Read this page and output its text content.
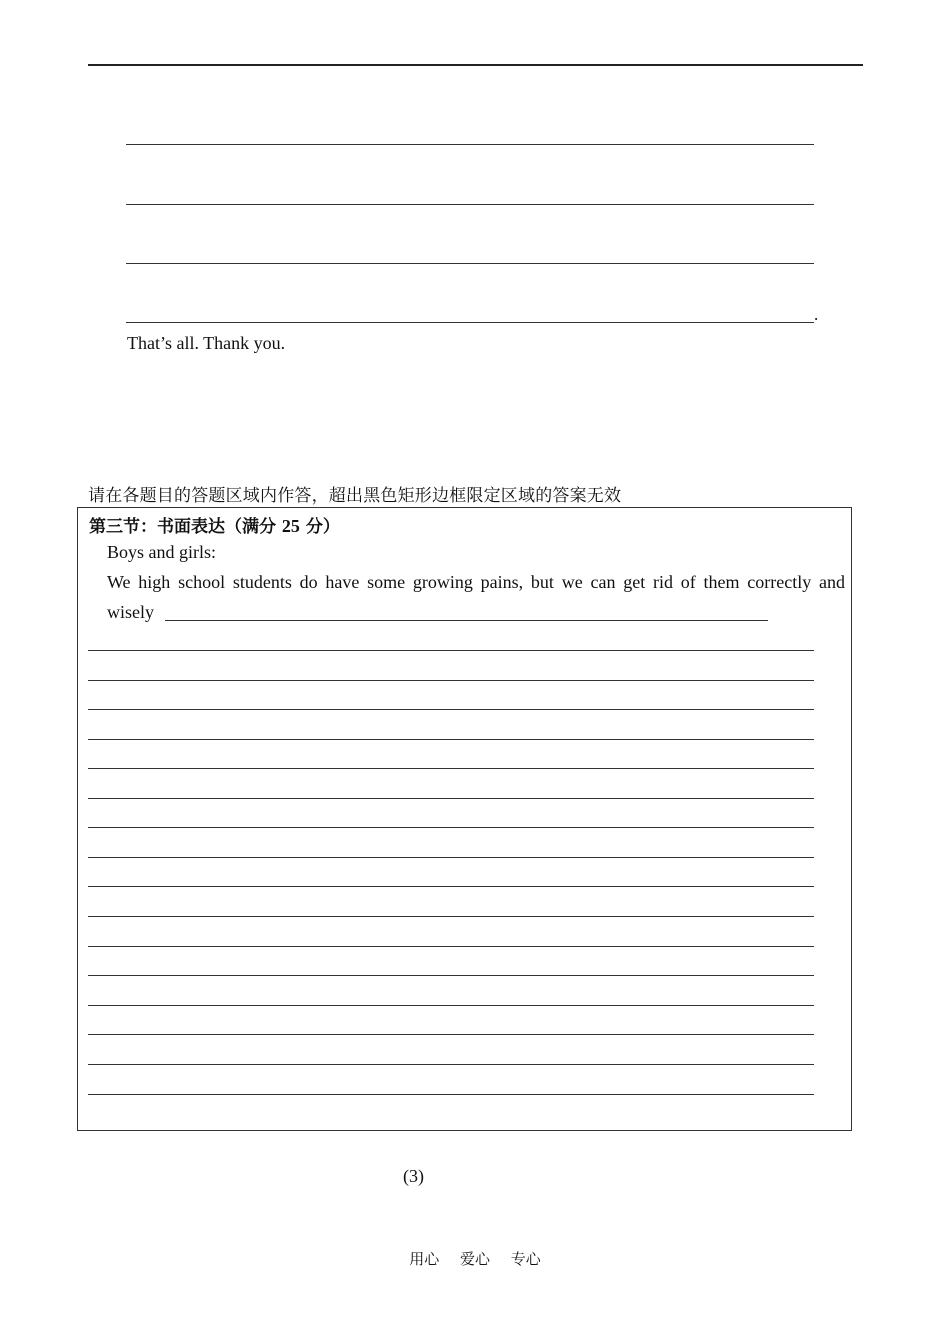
.
That’s all. Thank you.
请在各题目的答题区域内作答，超出黑色矩形边框限定区域的答案无效
第三节：书面表达（满分 25 分）
Boys and girls:
We high school students do have some growing pains, but we can get rid of them correctly and
wisely
(3)
用心 爱心 专心
